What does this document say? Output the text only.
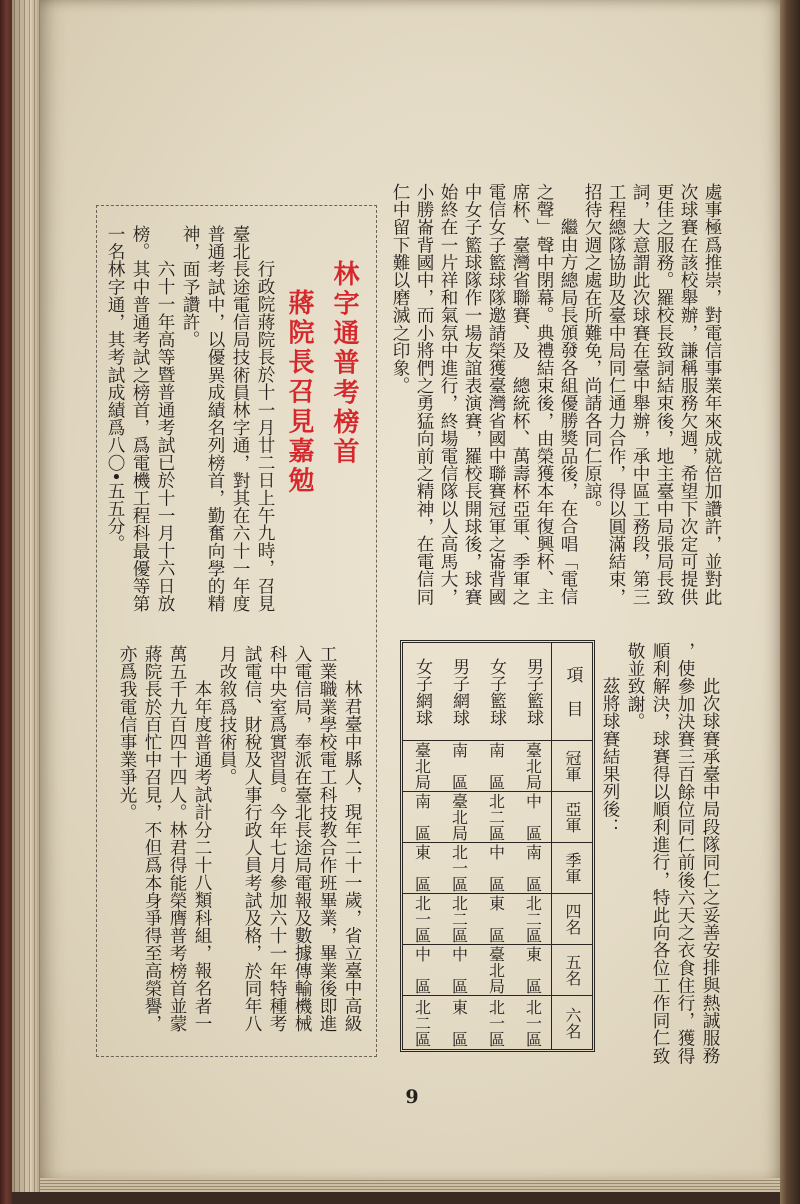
處事極爲推崇，對電信事業年來成就倍加讚許，並對此
次球賽在該校舉辦，謙稱服務欠週，希望下次定可提供
更佳之服務。羅校長致詞結束後，地主臺中局張局長致
詞，大意謂此次球賽在臺中舉辦，承中區工務段，第三
工程總隊協助及臺中局同仁通力合作，得以圓滿結束，
招待欠週之處在所難免，尚請各同仁原諒。
繼由方總局長頒發各組優勝獎品後，在合唱「電信
之聲」聲中閉幕。典禮結束後，由榮獲本年復興杯、主
席杯、臺灣省聯賽、及　總統杯、萬壽杯亞軍、季軍之
電信女子籃球隊邀請榮獲臺灣省國中聯賽冠軍之崙背國
中女子籃球隊作一場友誼表演賽，羅校長開球後，球賽
始終在一片祥和氣氛中進行，終場電信隊以人高馬大，
小勝崙背國中，而小將們之勇猛向前之精神，在電信同
仁中留下難以磨滅之印象。
此次球賽承臺中局段隊同仁之妥善安排與熱誠服務
，使參加決賽三百餘位同仁前後六天之衣食住行，獲得
順利解決，球賽得以順利進行，特此向各位工作同仁致
敬並致謝。
茲將球賽結果列後：
項　目
冠軍
亞軍
季軍
四名
五名
六名
男子籃球
臺北局
中　區
南　區
北二區
東　區
北一區
女子籃球
南　區
北二區
中　區
東　區
臺北局
北一區
男子網球
南　區
臺北局
北一區
北二區
中　區
東　區
女子網球
臺北局
南　區
東　區
北一區
中　區
北二區
林字通普考榜首
蔣院長召見嘉勉
行政院蔣院長於十一月廿二日上午九時，召見
臺北長途電信局技術員林字通，對其在六十一年度
普通考試中，以優異成績名列榜首，勤奮向學的精
神，面予讚許。
六十一年高等暨普通考試已於十一月十六日放
榜。其中普通考試之榜首，爲電機工程科最優等第
一名林字通，其考試成績爲八〇•五五分。
林君臺中縣人，現年二十一歲，省立臺中高級
工業職業學校電工科技教合作班畢業，畢業後即進
入電信局，奉派在臺北長途局電報及數據傳輸機械
科中央室爲實習員。今年七月參加六十一年特種考
試電信、財稅及人事行政人員考試及格，於同年八
月改敘爲技術員。
本年度普通考試計分二十八類科組，報名者一
萬五千九百四十四人。林君得能榮膺普考榜首並蒙
蔣院長於百忙中召見，不但爲本身爭得至高榮譽，
亦爲我電信事業爭光。
9
